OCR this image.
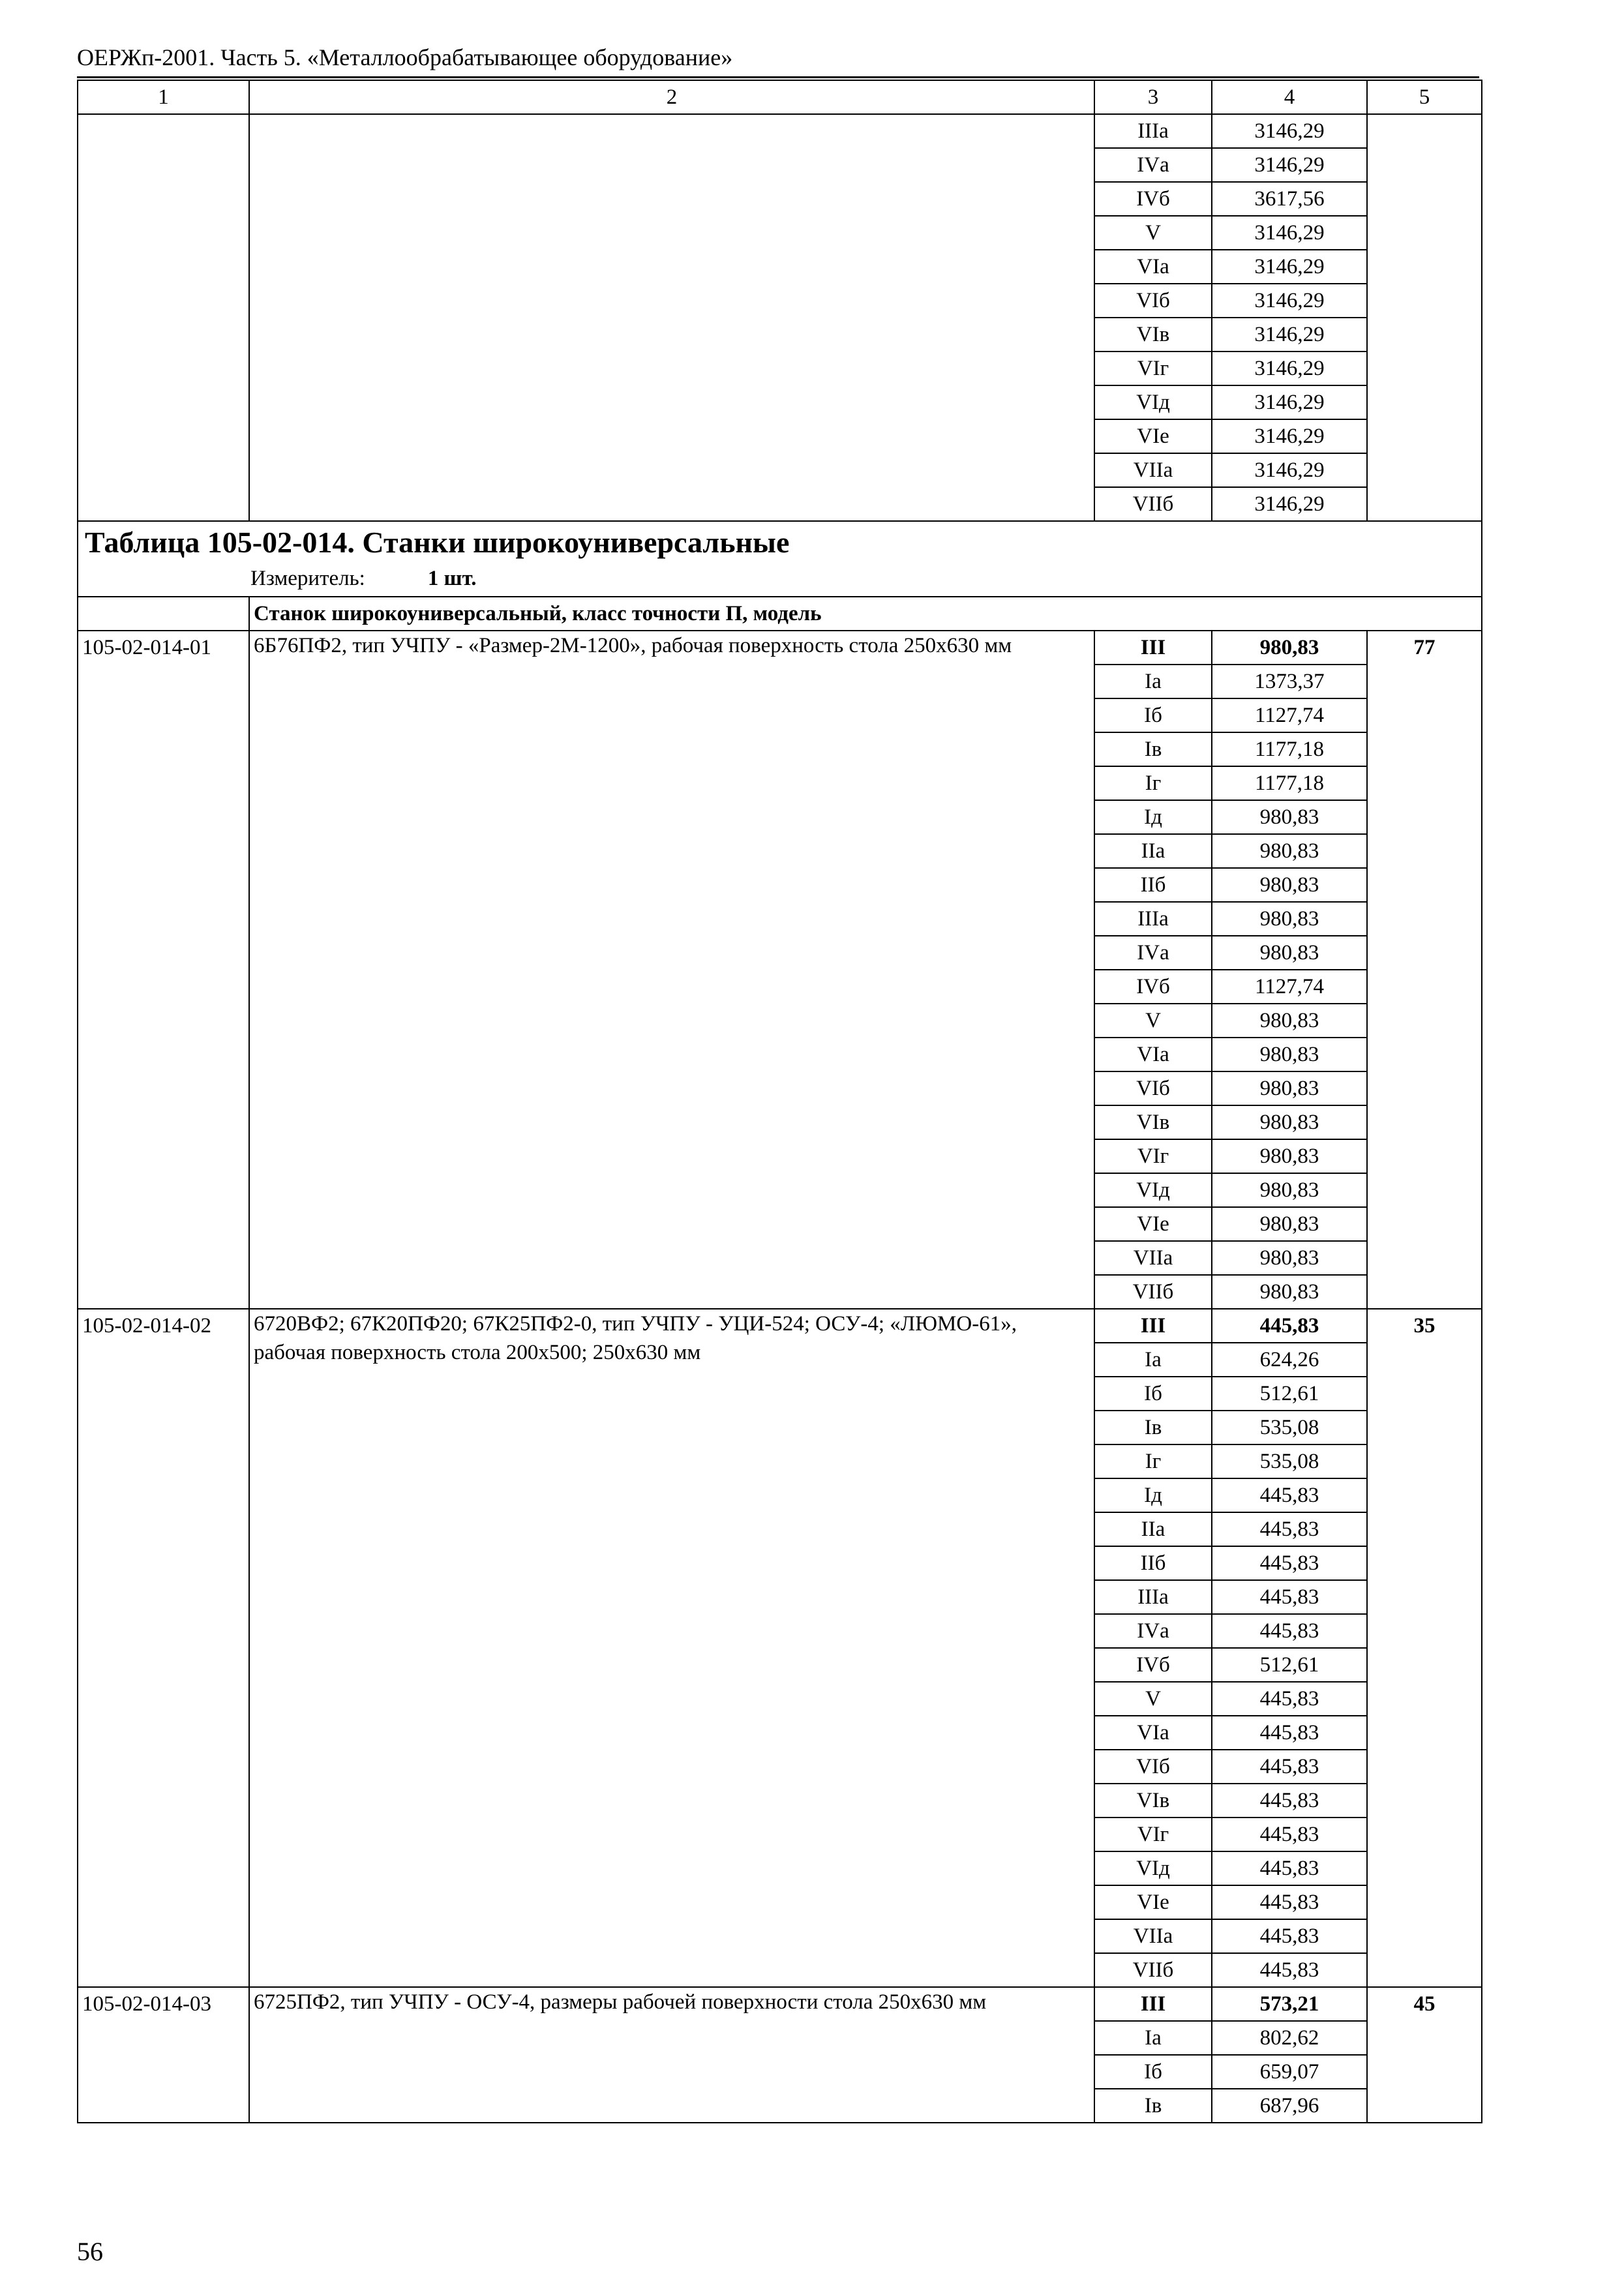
ОЕРЖп-2001. Часть 5. «Металлообрабатывающее оборудование»
1	2	3	4	5
		IIIа	3146,29	
		IVа	3146,29	
		IVб	3617,56	
		V	3146,29	
		VIа	3146,29	
		VIб	3146,29	
		VIв	3146,29	
		VIг	3146,29	
		VIд	3146,29	
		VIе	3146,29	
		VIIа	3146,29	
		VIIб	3146,29	

Таблица 105-02-014. Станки широкоуниверсальные
Измеритель: 1 шт.				

	Станок широкоуниверсальный, класс точности П, модель			
105-02-014-01	6Б76ПФ2, тип УЧПУ - «Размер-2М-1200», рабочая поверхность стола 250х630 мм	III	980,83	77
		Iа	1373,37	
		Iб	1127,74	
		Iв	1177,18	
		Iг	1177,18	
		Iд	980,83	
		IIа	980,83	
		IIб	980,83	
		IIIа	980,83	
		IVа	980,83	
		IVб	1127,74	
		V	980,83	
		VIа	980,83	
		VIб	980,83	
		VIв	980,83	
		VIг	980,83	
		VIд	980,83	
		VIе	980,83	
		VIIа	980,83	
		VIIб	980,83	
105-02-014-02	6720ВФ2; 67К20ПФ20; 67К25ПФ2-0, тип УЧПУ - УЦИ-524; ОСУ-4; «ЛЮМО-61», рабочая поверхность стола 200х500; 250х630 мм	III	445,83	35
		Iа	624,26	
		Iб	512,61	
		Iв	535,08	
		Iг	535,08	
		Iд	445,83	
		IIа	445,83	
		IIб	445,83	
		IIIа	445,83	
		IVа	445,83	
		IVб	512,61	
		V	445,83	
		VIа	445,83	
		VIб	445,83	
		VIв	445,83	
		VIг	445,83	
		VIд	445,83	
		VIе	445,83	
		VIIа	445,83	
		VIIб	445,83	
105-02-014-03	6725ПФ2, тип УЧПУ - ОСУ-4, размеры рабочей поверхности стола 250х630 мм	III	573,21	45
		Iа	802,62	
		Iб	659,07	
		Iв	687,96	
56
